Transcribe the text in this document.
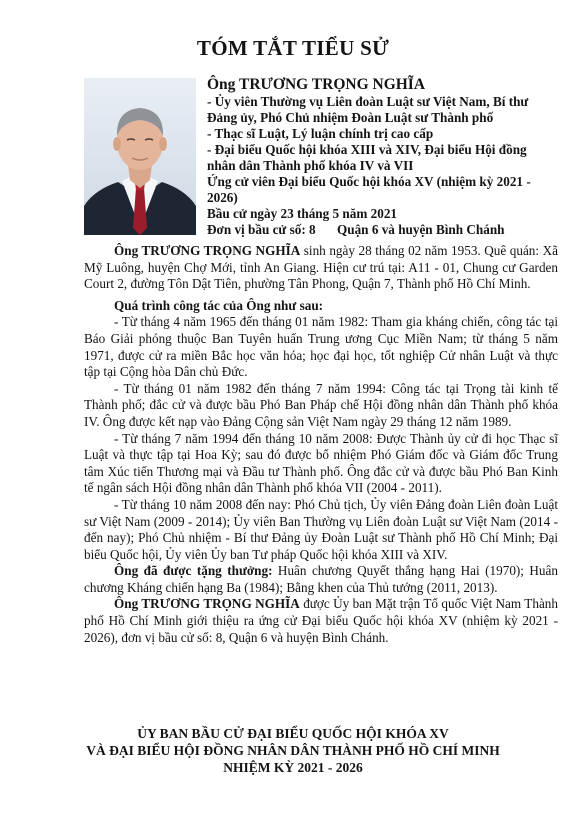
TÓM TẮT TIỂU SỬ
Ông TRƯƠNG TRỌNG NGHĨA
- Ủy viên Thường vụ Liên đoàn Luật sư Việt Nam, Bí thư Đảng ủy, Phó Chủ nhiệm Đoàn Luật sư Thành phố
- Thạc sĩ Luật, Lý luận chính trị cao cấp
- Đại biểu Quốc hội khóa XIII và XIV, Đại biểu Hội đồng nhân dân Thành phố khóa IV và VII
Ứng cử viên Đại biểu Quốc hội khóa XV (nhiệm kỳ 2021 - 2026)
Bầu cử ngày 23 tháng 5 năm 2021
Đơn vị bầu cử số: 8	Quận 6 và huyện Bình Chánh

Ông TRƯƠNG TRỌNG NGHĨA sinh ngày 28 tháng 02 năm 1953. Quê quán: Xã Mỹ Luông, huyện Chợ Mới, tỉnh An Giang. Hiện cư trú tại: A11 - 01, Chung cư Garden Court 2, đường Tôn Dật Tiên, phường Tân Phong, Quận 7, Thành phố Hồ Chí Minh.

Quá trình công tác của Ông như sau:

- Từ tháng 4 năm 1965 đến tháng 01 năm 1982: Tham gia kháng chiến, công tác tại Báo Giải phóng thuộc Ban Tuyên huấn Trung ương Cục Miền Nam; từ tháng 5 năm 1971, được cử ra miền Bắc học văn hóa; học đại học, tốt nghiệp Cử nhân Luật và thực tập tại Cộng hòa Dân chủ Đức.

- Từ tháng 01 năm 1982 đến tháng 7 năm 1994: Công tác tại Trọng tài kinh tế Thành phố; đắc cử và được bầu Phó Ban Pháp chế Hội đồng nhân dân Thành phố khóa IV. Ông được kết nạp vào Đảng Cộng sản Việt Nam ngày 29 tháng 12 năm 1989.

- Từ tháng 7 năm 1994 đến tháng 10 năm 2008: Được Thành ủy cử đi học Thạc sĩ Luật và thực tập tại Hoa Kỳ; sau đó được bổ nhiệm Phó Giám đốc và Giám đốc Trung tâm Xúc tiến Thương mại và Đầu tư Thành phố. Ông đắc cử và được bầu Phó Ban Kinh tế ngân sách Hội đồng nhân dân Thành phố khóa VII (2004 - 2011).

- Từ tháng 10 năm 2008 đến nay: Phó Chủ tịch, Ủy viên Đảng đoàn Liên đoàn Luật sư Việt Nam (2009 - 2014); Ủy viên Ban Thường vụ Liên đoàn Luật sư Việt Nam (2014 - đến nay); Phó Chủ nhiệm - Bí thư Đảng ủy Đoàn Luật sư Thành phố Hồ Chí Minh; Đại biểu Quốc hội, Ủy viên Ủy ban Tư pháp Quốc hội khóa XIII và XIV.

Ông đã được tặng thưởng: Huân chương Quyết thắng hạng Hai (1970); Huân chương Kháng chiến hạng Ba (1984); Bằng khen của Thủ tướng (2011, 2013).

Ông TRƯƠNG TRỌNG NGHĨA được Ủy ban Mặt trận Tổ quốc Việt Nam Thành phố Hồ Chí Minh giới thiệu ra ứng cử Đại biểu Quốc hội khóa XV (nhiệm kỳ 2021 - 2026), đơn vị bầu cử số: 8, Quận 6 và huyện Bình Chánh.

ỦY BAN BẦU CỬ ĐẠI BIỂU QUỐC HỘI KHÓA XV
VÀ ĐẠI BIỂU HỘI ĐỒNG NHÂN DÂN THÀNH PHỐ HỒ CHÍ MINH
NHIỆM KỲ 2021 - 2026
